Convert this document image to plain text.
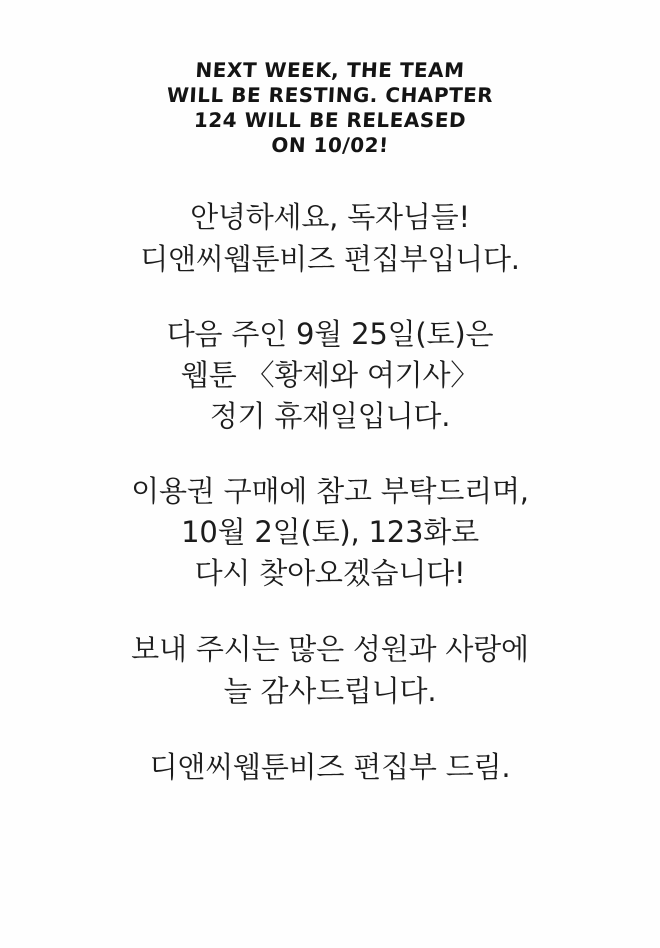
NEXT WEEK, THE TEAM
WILL BE RESTING. CHAPTER
124 WILL BE RELEASED
ON 10/02!
안녕하세요, 독자님들!
디앤씨웹툰비즈 편집부입니다.
다음 주인 9월 25일(토)은
웹툰 〈황제와 여기사〉
정기 휴재일입니다.
이용권 구매에 참고 부탁드리며,
10월 2일(토), 123화로
다시 찾아오겠습니다!
보내 주시는 많은 성원과 사랑에
늘 감사드립니다.
디앤씨웹툰비즈 편집부 드림.
